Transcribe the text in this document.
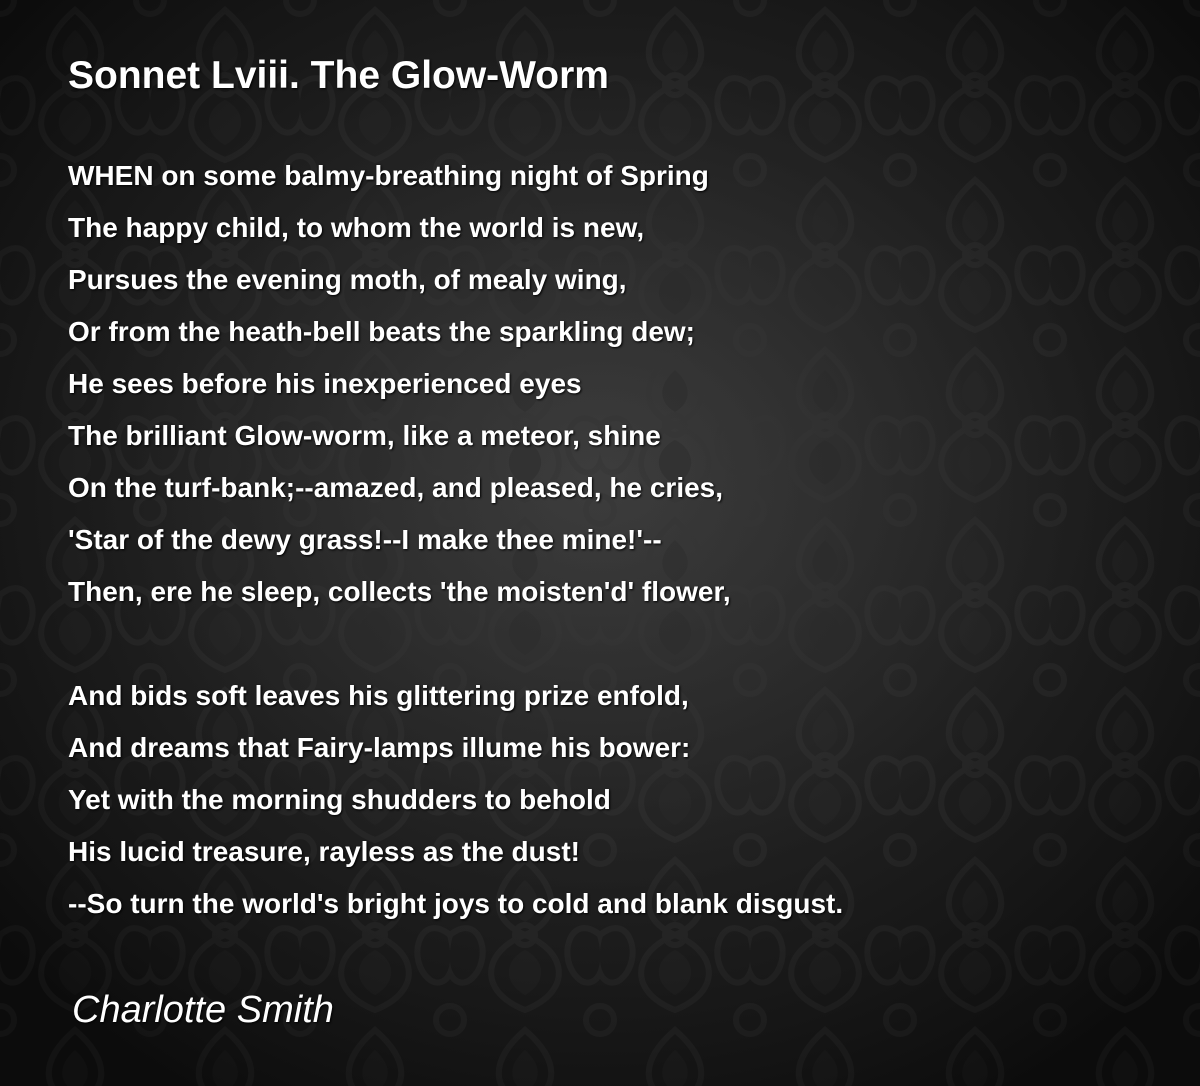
Sonnet Lviii. The Glow-Worm
WHEN on some balmy-breathing night of Spring
The happy child, to whom the world is new,
Pursues the evening moth, of mealy wing,
Or from the heath-bell beats the sparkling dew;
He sees before his inexperienced eyes
The brilliant Glow-worm, like a meteor, shine
On the turf-bank;--amazed, and pleased, he cries,
'Star of the dewy grass!--I make thee mine!'--
Then, ere he sleep, collects 'the moisten'd' flower,
And bids soft leaves his glittering prize enfold,
And dreams that Fairy-lamps illume his bower:
Yet with the morning shudders to behold
His lucid treasure, rayless as the dust!
--So turn the world's bright joys to cold and blank disgust.

Charlotte Smith
